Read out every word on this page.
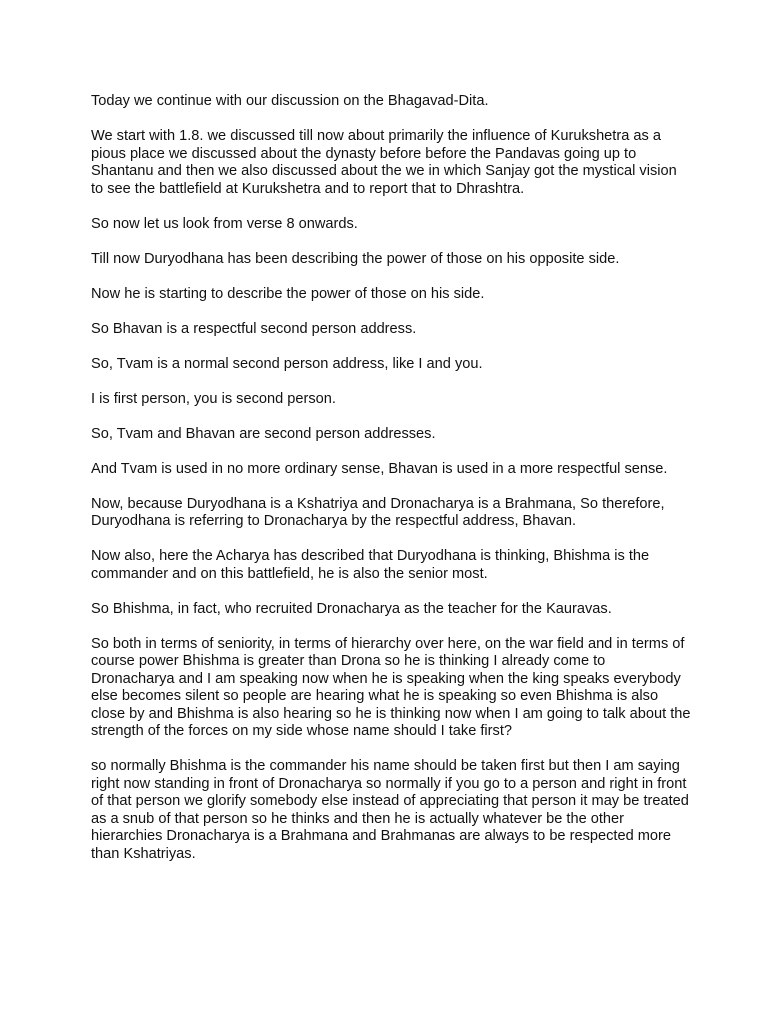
Today we continue with our discussion on the Bhagavad-Dita.

We start with 1.8. we discussed till now about primarily the influence of Kurukshetra as a pious place we discussed about the dynasty before before the Pandavas going up to Shantanu and then we also discussed about the we in which Sanjay got the mystical vision to see the battlefield at Kurukshetra and to report that to Dhrashtra.

So now let us look from verse 8 onwards.

Till now Duryodhana has been describing the power of those on his opposite side.

Now he is starting to describe the power of those on his side.

So Bhavan is a respectful second person address.

So, Tvam is a normal second person address, like I and you.

I is first person, you is second person.

So, Tvam and Bhavan are second person addresses.

And Tvam is used in no more ordinary sense, Bhavan is used in a more respectful sense.

Now, because Duryodhana is a Kshatriya and Dronacharya is a Brahmana, So therefore, Duryodhana is referring to Dronacharya by the respectful address, Bhavan.

Now also, here the Acharya has described that Duryodhana is thinking, Bhishma is the commander and on this battlefield, he is also the senior most.

So Bhishma, in fact, who recruited Dronacharya as the teacher for the Kauravas.

So both in terms of seniority, in terms of hierarchy over here, on the war field and in terms of course power Bhishma is greater than Drona so he is thinking I already come to Dronacharya and I am speaking now when he is speaking when the king speaks everybody else becomes silent so people are hearing what he is speaking so even Bhishma is also close by and Bhishma is also hearing so he is thinking now when I am going to talk about the strength of the forces on my side whose name should I take first?

so normally Bhishma is the commander his name should be taken first but then I am saying right now standing in front of Dronacharya so normally if you go to a person and right in front of that person we glorify somebody else instead of appreciating that person it may be treated as a snub of that person so he thinks and then he is actually whatever be the other hierarchies Dronacharya is a Brahmana and Brahmanas are always to be respected more than Kshatriyas.
